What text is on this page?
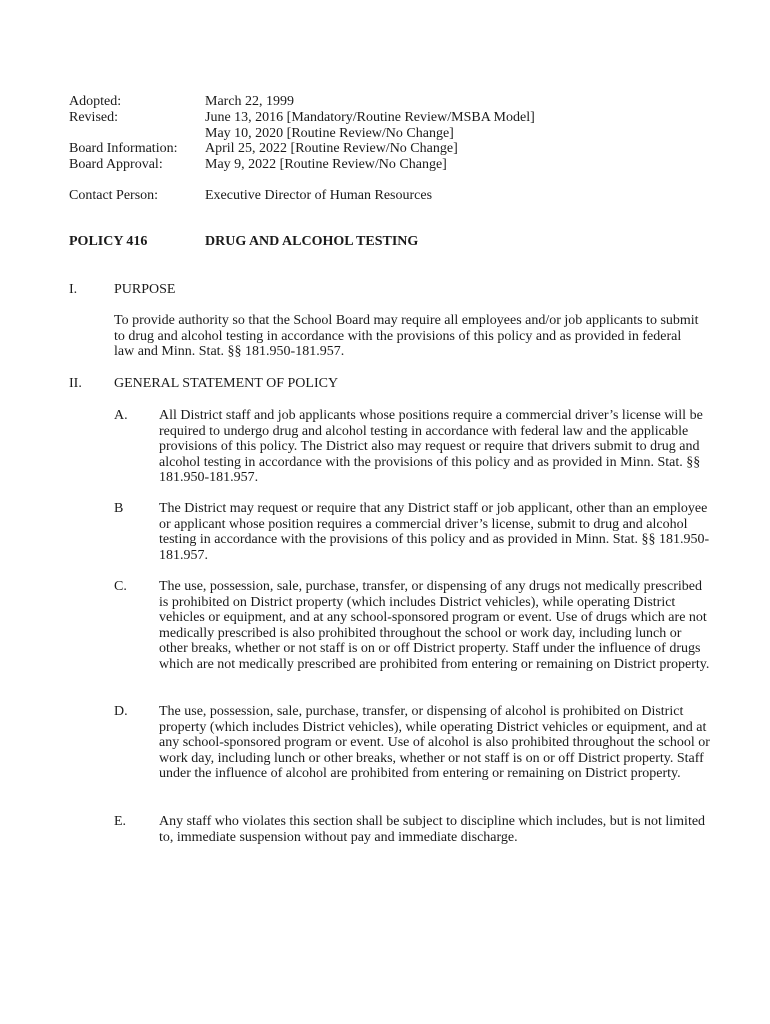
Adopted:	March 22, 1999
Revised:	June 13, 2016 [Mandatory/Routine Review/MSBA Model]
May 10, 2020 [Routine Review/No Change]
Board Information: April 25, 2022 [Routine Review/No Change]
Board Approval:	May 9, 2022 [Routine Review/No Change]
Contact Person:	Executive Director of Human Resources
POLICY 416	DRUG AND ALCOHOL TESTING
I.	PURPOSE

To provide authority so that the School Board may require all employees and/or job applicants to submit to drug and alcohol testing in accordance with the provisions of this policy and as provided in federal law and Minn. Stat. §§ 181.950-181.957.

II. GENERAL STATEMENT OF POLICY
A. All District staff and job applicants whose positions require a commercial driver’s license will be required to undergo drug and alcohol testing in accordance with federal law and the applicable provisions of this policy. The District also may request or require that drivers submit to drug and alcohol testing in accordance with the provisions of this policy and as provided in Minn. Stat. §§ 181.950-181.957.

B	The District may request or require that any District staff or job applicant, other than an employee or applicant whose position requires a commercial driver’s license, submit to drug and alcohol testing in accordance with the provisions of this policy and as provided in Minn. Stat. §§ 181.950-181.957.

C. The use, possession, sale, purchase, transfer, or dispensing of any drugs not medically prescribed is prohibited on District property (which includes District vehicles), while operating District vehicles or equipment, and at any school-sponsored program or event. Use of drugs which are not medically prescribed is also prohibited throughout the school or work day, including lunch or other breaks, whether or not staff is on or off District property. Staff under the influence of drugs which are not medically prescribed are prohibited from entering or remaining on District property.

D. The use, possession, sale, purchase, transfer, or dispensing of alcohol is prohibited on District property (which includes District vehicles), while operating District vehicles or equipment, and at any school-sponsored program or event. Use of alcohol is also prohibited throughout the school or work day, including lunch or other breaks, whether or not staff is on or off District property. Staff under the influence of alcohol are prohibited from entering or remaining on District property.

E. Any staff who violates this section shall be subject to discipline which includes, but is not limited to, immediate suspension without pay and immediate discharge.
